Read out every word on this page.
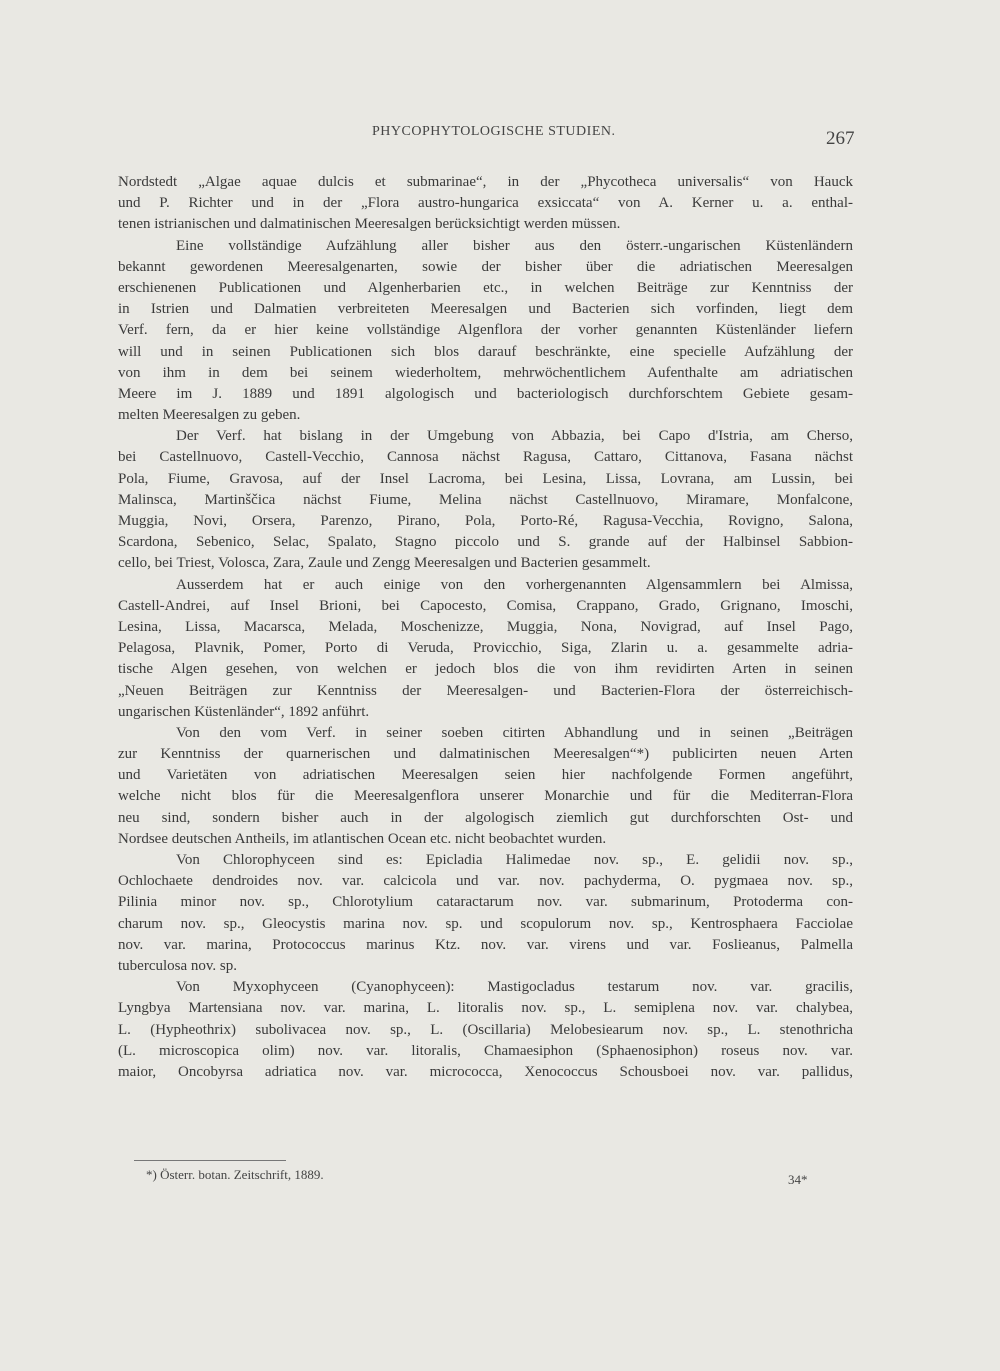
PHYCOPHYTOLOGISCHE STUDIEN.	267
Nordstedt „Algae aquae dulcis et submarinae“, in der „Phycotheca universalis“ von Hauck
und P. Richter und in der „Flora austro-hungarica exsiccata“ von A. Kerner u. a. enthal-
tenen istrianischen und dalmatinischen Meeresalgen berücksichtigt werden müssen.
Eine vollständige Aufzählung aller bisher aus den österr.-ungarischen Küstenländern
bekannt gewordenen Meeresalgenarten, sowie der bisher über die adriatischen Meeresalgen
erschienenen Publicationen und Algenherbarien etc., in welchen Beiträge zur Kenntniss der
in Istrien und Dalmatien verbreiteten Meeresalgen und Bacterien sich vorfinden, liegt dem
Verf. fern, da er hier keine vollständige Algenflora der vorher genannten Küstenländer liefern
will und in seinen Publicationen sich blos darauf beschränkte, eine specielle Aufzählung der
von ihm in dem bei seinem wiederholtem, mehrwöchentlichem Aufenthalte am adriatischen
Meere im J. 1889 und 1891 algologisch und bacteriologisch durchforschtem Gebiete gesam-
melten Meeresalgen zu geben.
Der Verf. hat bislang in der Umgebung von Abbazia, bei Capo d'Istria, am Cherso,
bei Castellnuovo, Castell-Vecchio, Cannosa nächst Ragusa, Cattaro, Cittanova, Fasana nächst
Pola, Fiume, Gravosa, auf der Insel Lacroma, bei Lesina, Lissa, Lovrana, am Lussin, bei
Malinsca, Martinščica nächst Fiume, Melina nächst Castellnuovo, Miramare, Monfalcone,
Muggia, Novi, Orsera, Parenzo, Pirano, Pola, Porto-Ré, Ragusa-Vecchia, Rovigno, Salona,
Scardona, Sebenico, Selac, Spalato, Stagno piccolo und S. grande auf der Halbinsel Sabbion-
cello, bei Triest, Volosca, Zara, Zaule und Zengg Meeresalgen und Bacterien gesammelt.
Ausserdem hat er auch einige von den vorhergenannten Algensammlern bei Almissa,
Castell-Andrei, auf Insel Brioni, bei Capocesto, Comisa, Crappano, Grado, Grignano, Imoschi,
Lesina, Lissa, Macarsca, Melada, Moschenizze, Muggia, Nona, Novigrad, auf Insel Pago,
Pelagosa, Plavnik, Pomer, Porto di Veruda, Provicchio, Siga, Zlarin u. a. gesammelte adria-
tische Algen gesehen, von welchen er jedoch blos die von ihm revidirten Arten in seinen
„Neuen Beiträgen zur Kenntniss der Meeresalgen- und Bacterien-Flora der österreichisch-
ungarischen Küstenländer“, 1892 anführt.
Von den vom Verf. in seiner soeben citirten Abhandlung und in seinen „Beiträgen
zur Kenntniss der quarnerischen und dalmatinischen Meeresalgen“*) publicirten neuen Arten
und Varietäten von adriatischen Meeresalgen seien hier nachfolgende Formen angeführt,
welche nicht blos für die Meeresalgenflora unserer Monarchie und für die Mediterran-Flora
neu sind, sondern bisher auch in der algologisch ziemlich gut durchforschten Ost- und
Nordsee deutschen Antheils, im atlantischen Ocean etc. nicht beobachtet wurden.
Von Chlorophyceen sind es: Epicladia Halimedae nov. sp., E. gelidii nov. sp.,
Ochlochaete dendroides nov. var. calcicola und var. nov. pachyderma, O. pygmaea nov. sp.,
Pilinia minor nov. sp., Chlorotylium cataractarum nov. var. submarinum, Protoderma con-
charum nov. sp., Gleocystis marina nov. sp. und scopulorum nov. sp., Kentrosphaera Facciolae
nov. var. marina, Protococcus marinus Ktz. nov. var. virens und var. Foslieanus, Palmella
tuberculosa nov. sp.
Von Myxophyceen (Cyanophyceen): Mastigocladus testarum nov. var. gracilis,
Lyngbya Martensiana nov. var. marina, L. litoralis nov. sp., L. semiplena nov. var. chalybea,
L. (Hypheothrix) subolivacea nov. sp., L. (Oscillaria) Melobesiearum nov. sp., L. stenothricha
(L. microscopica olim) nov. var. litoralis, Chamaesiphon (Sphaenosiphon) roseus nov. var.
maior, Oncobyrsa adriatica nov. var. micrococca, Xenococcus Schousboei nov. var. pallidus,
*) Österr. botan. Zeitschrift, 1889.	34*
